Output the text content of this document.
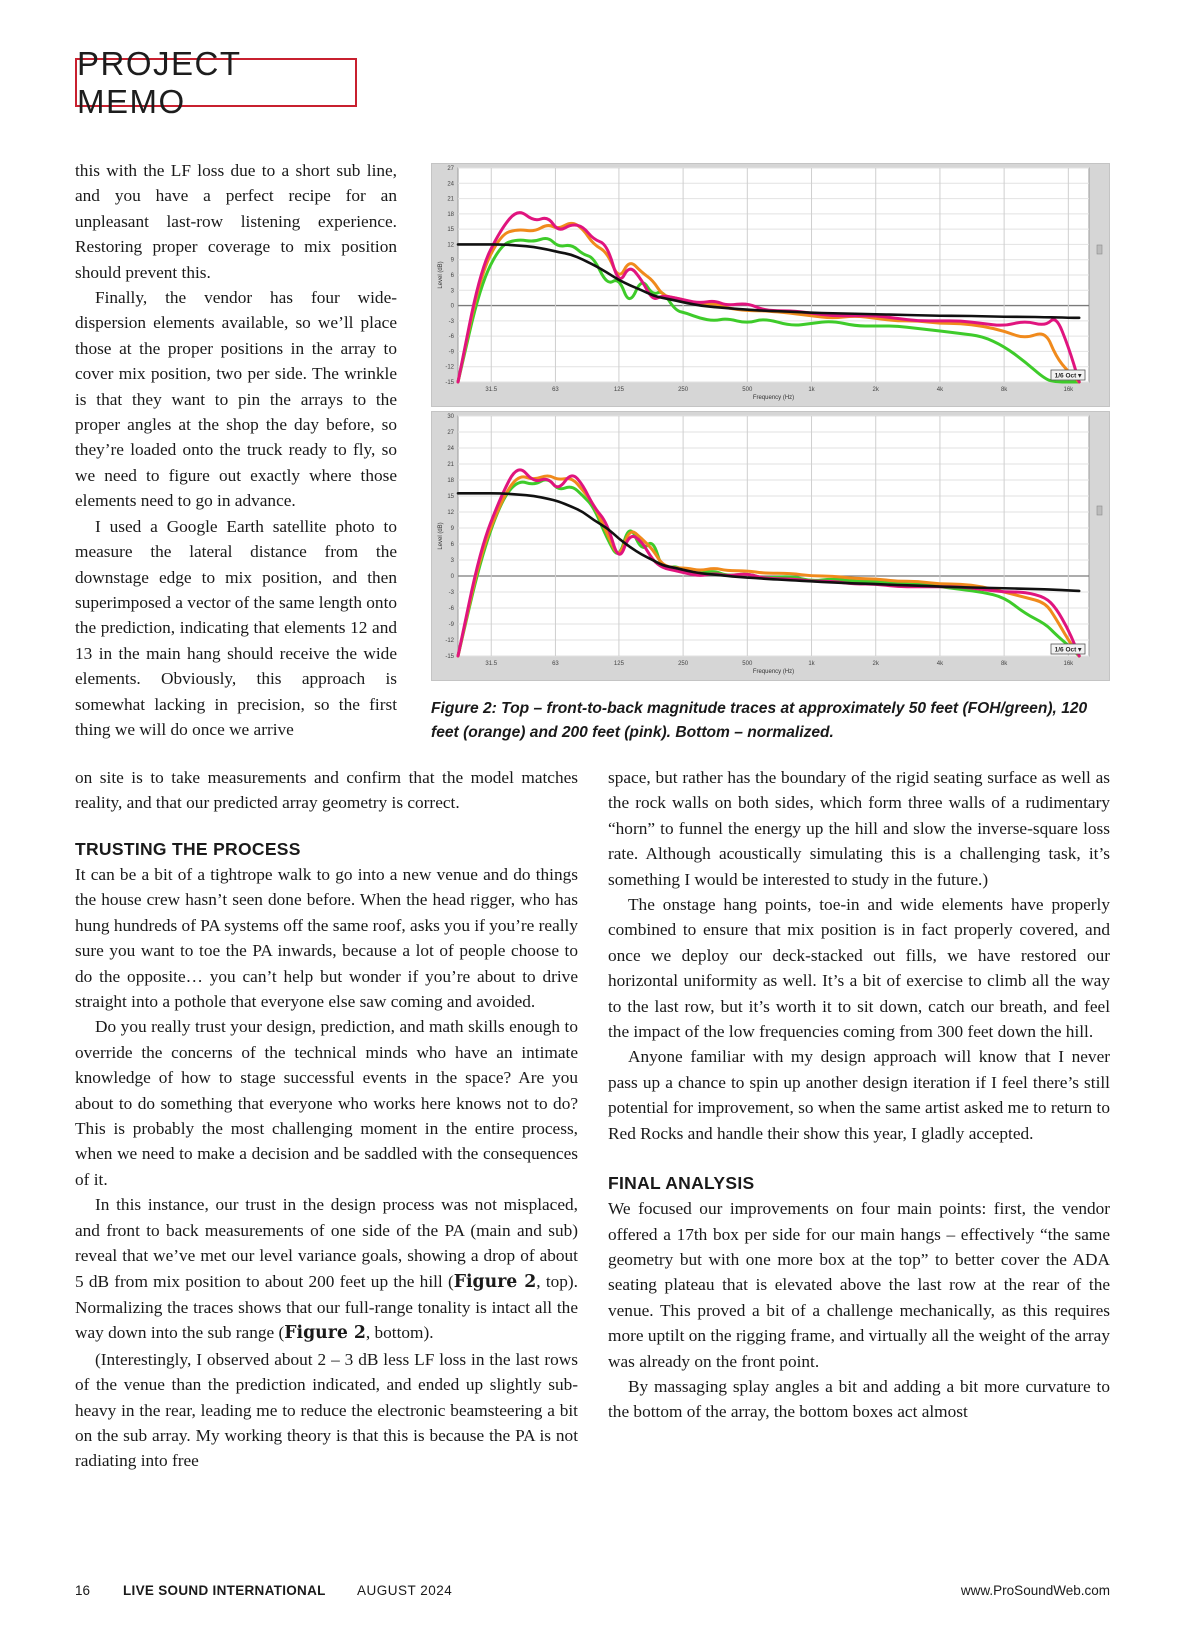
PROJECT MEMO

this with the LF loss due to a short sub line, and you have a perfect recipe for an unpleasant last-row listening experience. Restoring proper coverage to mix position should prevent this.

Finally, the vendor has four wide-dispersion elements available, so we’ll place those at the proper positions in the array to cover mix position, two per side. The wrinkle is that they want to pin the arrays to the proper angles at the shop the day before, so they’re loaded onto the truck ready to fly, so we need to figure out exactly where those elements need to go in advance.

I used a Google Earth satellite photo to measure the lateral distance from the downstage edge to mix position, and then superimposed a vector of the same length onto the prediction, indicating that elements 12 and 13 in the main hang should receive the wide elements. Obviously, this approach is somewhat lacking in precision, so the first thing we will do once we arrive

27
24
21
18
15
12
9
6
3
0
-3
-6
-9
-12
-15
31.5	63	125	250	500	1k	2k	4k	8k	16k
Frequency (Hz)
Level (dB)
1/6 Oct ▾
30
27
24
21
18
15
12
9
6
3
0
-3
-6
-9
-12
-15
31.5	63	125	250	500	1k	2k	4k	8k	16k
Frequency (Hz)
Level (dB)
1/6 Oct ▾
Figure 2: Top – front-to-back magnitude traces at approximately 50 feet (FOH/green), 120 feet (orange) and 200 feet (pink). Bottom – normalized.

on site is to take measurements and confirm that the model matches reality, and that our predicted array geometry is correct.

TRUSTING THE PROCESS

It can be a bit of a tightrope walk to go into a new venue and do things the house crew hasn’t seen done before. When the head rigger, who has hung hundreds of PA systems off the same roof, asks you if you’re really sure you want to toe the PA inwards, because a lot of people choose to do the opposite… you can’t help but wonder if you’re about to drive straight into a pothole that everyone else saw coming and avoided.

Do you really trust your design, prediction, and math skills enough to override the concerns of the technical minds who have an intimate knowledge of how to stage successful events in the space? Are you about to do something that everyone who works here knows not to do? This is probably the most challenging moment in the entire process, when we need to make a decision and be saddled with the consequences of it.

In this instance, our trust in the design process was not misplaced, and front to back measurements of one side of the PA (main and sub) reveal that we’ve met our level variance goals, showing a drop of about 5 dB from mix position to about 200 feet up the hill (Figure 2, top). Normalizing the traces shows that our full-range tonality is intact all the way down into the sub range (Figure 2, bottom).

(Interestingly, I observed about 2 – 3 dB less LF loss in the last rows of the venue than the prediction indicated, and ended up slightly sub-heavy in the rear, leading me to reduce the electronic beamsteering a bit on the sub array. My working theory is that this is because the PA is not radiating into free

space, but rather has the boundary of the rigid seating surface as well as the rock walls on both sides, which form three walls of a rudimentary “horn” to funnel the energy up the hill and slow the inverse-square loss rate. Although acoustically simulating this is a challenging task, it’s something I would be interested to study in the future.)

The onstage hang points, toe-in and wide elements have properly combined to ensure that mix position is in fact properly covered, and once we deploy our deck-stacked out fills, we have restored our horizontal uniformity as well. It’s a bit of exercise to climb all the way to the last row, but it’s worth it to sit down, catch our breath, and feel the impact of the low frequencies coming from 300 feet down the hill.

Anyone familiar with my design approach will know that I never pass up a chance to spin up another design iteration if I feel there’s still potential for improvement, so when the same artist asked me to return to Red Rocks and handle their show this year, I gladly accepted.

FINAL ANALYSIS

We focused our improvements on four main points: first, the vendor offered a 17th box per side for our main hangs – effectively “the same geometry but with one more box at the top” to better cover the ADA seating plateau that is elevated above the last row at the rear of the venue. This proved a bit of a challenge mechanically, as this requires more uptilt on the rigging frame, and virtually all the weight of the array was already on the front point.

By massaging splay angles a bit and adding a bit more curvature to the bottom of the array, the bottom boxes act almost

16 LIVE SOUND INTERNATIONAL AUGUST 2024	www.ProSoundWeb.com
